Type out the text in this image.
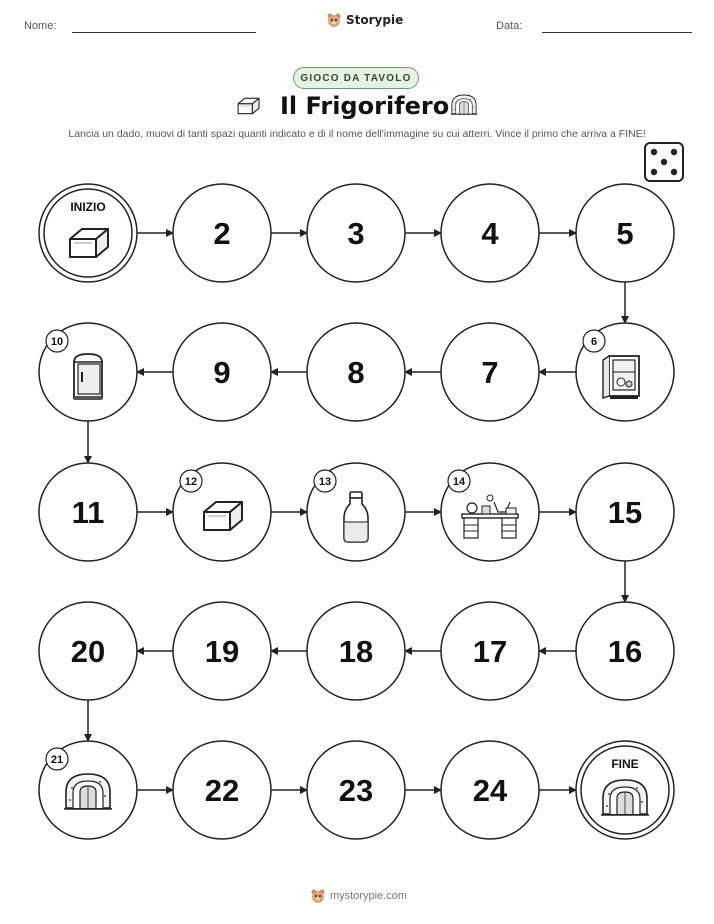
Nome:	Storypie	Data:
GIOCO DA TAVOLO
Il Frigorifero
Lancia un dado, muovi di tanti spazi quanti indicato e di il nome dell'immagine su cui atterri. Vince il primo che arriva a FINE!
INIZIO
2	3	4	5
6
7
8
9
10
11
12	13	14
15
16
17
18
19
20
21
22	23	24
FINE
mystorypie.com
